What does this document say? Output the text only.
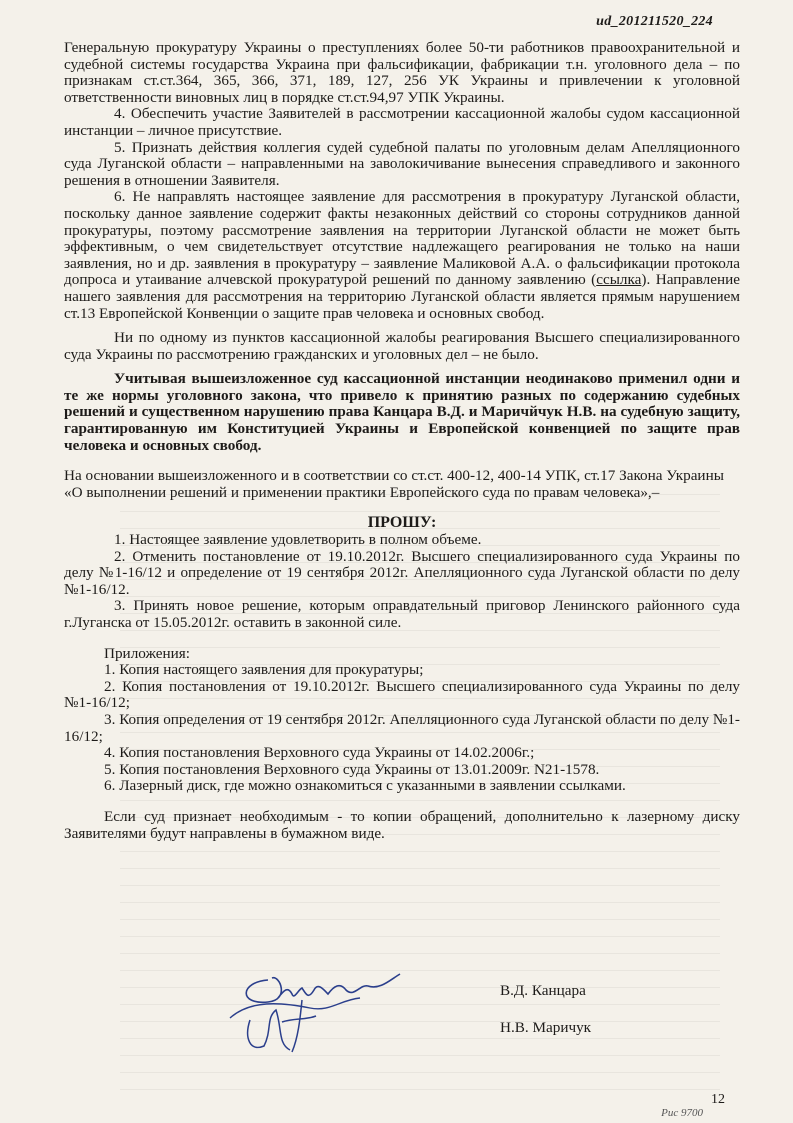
ud_201211520_224

Генеральную прокуратуру Украины о преступлениях более 50-ти работников правоохранительной и судебной системы государства Украина при фальсификации, фабрикации т.н. уголовного дела – по признакам ст.ст.364, 365, 366, 371, 189, 127, 256 УК Украины и привлечении к уголовной ответственности виновных лиц в порядке ст.ст.94,97 УПК Украины.

4. Обеспечить участие Заявителей в рассмотрении кассационной жалобы судом кассационной инстанции – личное присутствие.

5. Признать действия коллегия судей судебной палаты по уголовным делам Апелляционного суда Луганской области – направленными на заволокичивание вынесения справедливого и законного решения в отношении Заявителя.

6. Не направлять настоящее заявление для рассмотрения в прокуратуру Луганской области, поскольку данное заявление содержит факты незаконных действий со стороны сотрудников данной прокуратуры, поэтому рассмотрение заявления на территории Луганской области не может быть эффективным, о чем свидетельствует отсутствие надлежащего реагирования не только на наши заявления, но и др. заявления в прокуратуру – заявление Маликовой А.А. о фальсификации протокола допроса и утаивание алчевской прокуратурой решений по данному заявлению (ссылка). Направление нашего заявления для рассмотрения на территорию Луганской области является прямым нарушением ст.13 Европейской Конвенции о защите прав человека и основных свобод.

Ни по одному из пунктов кассационной жалобы реагирования Высшего специализированного суда Украины по рассмотрению гражданских и уголовных дел – не было.

Учитывая вышеизложенное суд кассационной инстанции неодинаково применил одни и те же нормы уголовного закона, что привело к принятию разных по содержанию судебных решений и существенном нарушению права Канцара В.Д. и Маричйчук Н.В. на судебную защиту, гарантированную им Конституцией Украины и Европейской конвенцией по защите прав человека и основных свобод.

На основании вышеизложенного и в соответствии со ст.ст. 400-12, 400-14 УПК, ст.17 Закона Украины «О выполнении решений и применении практики Европейского суда по правам человека»,–

ПРОШУ:

1. Настоящее заявление удовлетворить в полном объеме.

2. Отменить постановление от 19.10.2012г. Высшего специализированного суда Украины по делу №1-16/12 и определение от 19 сентября 2012г. Апелляционного суда Луганской области по делу №1-16/12.

3. Принять новое решение, которым оправдательный приговор Ленинского районного суда г.Луганска от 15.05.2012г. оставить в законной силе.

Приложения:

1. Копия настоящего заявления для прокуратуры;

2. Копия постановления от 19.10.2012г. Высшего специализированного суда Украины по делу №1-16/12;

3. Копия определения от 19 сентября 2012г. Апелляционного суда Луганской области по делу №1-16/12;

4. Копия постановления Верховного суда Украины от 14.02.2006г.;

5. Копия постановления Верховного суда Украины от 13.01.2009г. N21-1578.

6. Лазерный диск, где можно ознакомиться с указанными в заявлении ссылками.

Если суд признает необходимым - то копии обращений, дополнительно к лазерному диску Заявителями будут направлены в бумажном виде.

В.Д. Канцара
Н.В. Маричук
12
Рис 9700
